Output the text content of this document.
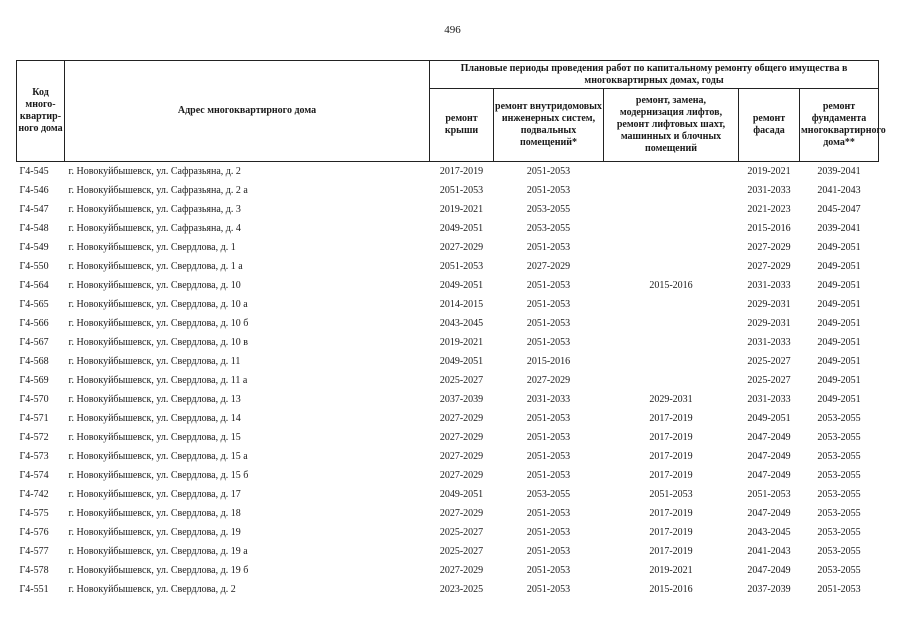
496
Код много-квартир-ного дома	Адрес многоквартирного дома	Плановые периоды проведения работ по капитальному ремонту общего имущества в многоквартирных домах, годы				
		ремонт крыши	ремонт внутридомовых инженерных систем, подвальных помещений*	ремонт, замена, модернизация лифтов, ремонт лифтовых шахт, машинных и блочных помещений	ремонт фасада	ремонт фундамента многоквартирного дома**
Г4-545	г. Новокуйбышевск, ул. Сафразьяна, д. 2	2017-2019	2051-2053		2019-2021	2039-2041
Г4-546	г. Новокуйбышевск, ул. Сафразьяна, д. 2 а	2051-2053	2051-2053		2031-2033	2041-2043
Г4-547	г. Новокуйбышевск, ул. Сафразьяна, д. 3	2019-2021	2053-2055		2021-2023	2045-2047
Г4-548	г. Новокуйбышевск, ул. Сафразьяна, д. 4	2049-2051	2053-2055		2015-2016	2039-2041
Г4-549	г. Новокуйбышевск, ул. Свердлова, д. 1	2027-2029	2051-2053		2027-2029	2049-2051
Г4-550	г. Новокуйбышевск, ул. Свердлова, д. 1 а	2051-2053	2027-2029		2027-2029	2049-2051
Г4-564	г. Новокуйбышевск, ул. Свердлова, д. 10	2049-2051	2051-2053	2015-2016	2031-2033	2049-2051
Г4-565	г. Новокуйбышевск, ул. Свердлова, д. 10 а	2014-2015	2051-2053		2029-2031	2049-2051
Г4-566	г. Новокуйбышевск, ул. Свердлова, д. 10 б	2043-2045	2051-2053		2029-2031	2049-2051
Г4-567	г. Новокуйбышевск, ул. Свердлова, д. 10 в	2019-2021	2051-2053		2031-2033	2049-2051
Г4-568	г. Новокуйбышевск, ул. Свердлова, д. 11	2049-2051	2015-2016		2025-2027	2049-2051
Г4-569	г. Новокуйбышевск, ул. Свердлова, д. 11 а	2025-2027	2027-2029		2025-2027	2049-2051
Г4-570	г. Новокуйбышевск, ул. Свердлова, д. 13	2037-2039	2031-2033	2029-2031	2031-2033	2049-2051
Г4-571	г. Новокуйбышевск, ул. Свердлова, д. 14	2027-2029	2051-2053	2017-2019	2049-2051	2053-2055
Г4-572	г. Новокуйбышевск, ул. Свердлова, д. 15	2027-2029	2051-2053	2017-2019	2047-2049	2053-2055
Г4-573	г. Новокуйбышевск, ул. Свердлова, д. 15 а	2027-2029	2051-2053	2017-2019	2047-2049	2053-2055
Г4-574	г. Новокуйбышевск, ул. Свердлова, д. 15 б	2027-2029	2051-2053	2017-2019	2047-2049	2053-2055
Г4-742	г. Новокуйбышевск, ул. Свердлова, д. 17	2049-2051	2053-2055	2051-2053	2051-2053	2053-2055
Г4-575	г. Новокуйбышевск, ул. Свердлова, д. 18	2027-2029	2051-2053	2017-2019	2047-2049	2053-2055
Г4-576	г. Новокуйбышевск, ул. Свердлова, д. 19	2025-2027	2051-2053	2017-2019	2043-2045	2053-2055
Г4-577	г. Новокуйбышевск, ул. Свердлова, д. 19 а	2025-2027	2051-2053	2017-2019	2041-2043	2053-2055
Г4-578	г. Новокуйбышевск, ул. Свердлова, д. 19 б	2027-2029	2051-2053	2019-2021	2047-2049	2053-2055
Г4-551	г. Новокуйбышевск, ул. Свердлова, д. 2	2023-2025	2051-2053	2015-2016	2037-2039	2051-2053
